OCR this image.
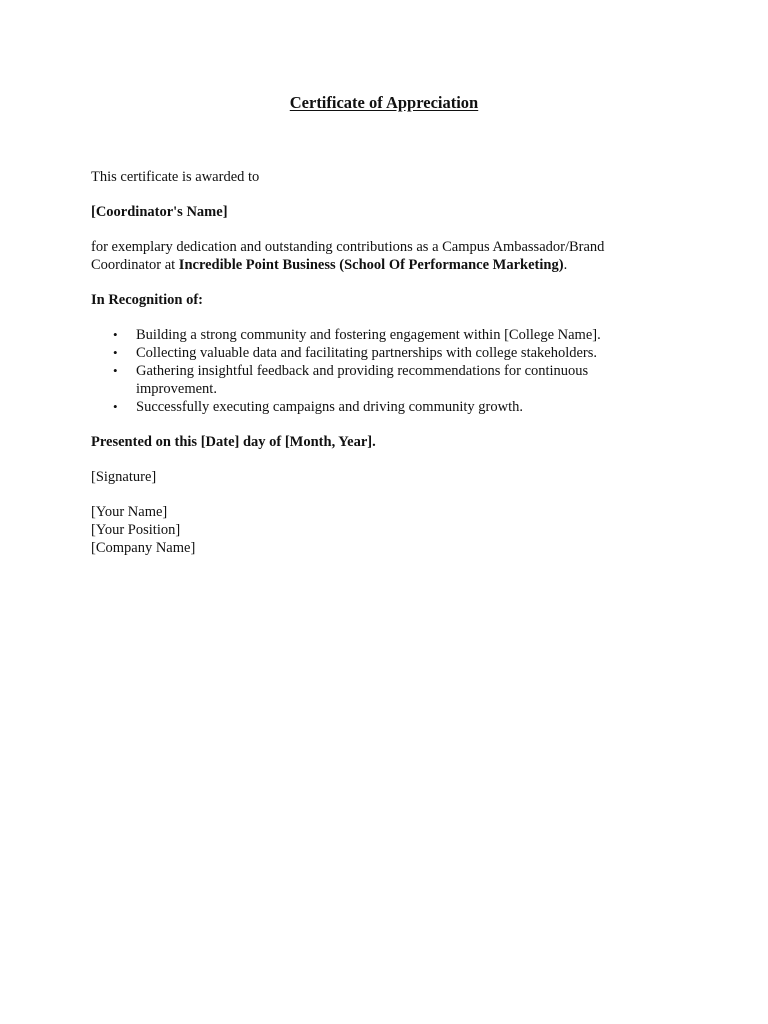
Certificate of Appreciation

This certificate is awarded to

[Coordinator's Name]

for exemplary dedication and outstanding contributions as a Campus Ambassador/Brand Coordinator at Incredible Point Business (School Of Performance Marketing).

In Recognition of:

• Building a strong community and fostering engagement within [College Name].
• Collecting valuable data and facilitating partnerships with college stakeholders.
• Gathering insightful feedback and providing recommendations for continuous improvement.
• Successfully executing campaigns and driving community growth.

Presented on this [Date] day of [Month, Year].

[Signature]

[Your Name]
[Your Position]
[Company Name]
